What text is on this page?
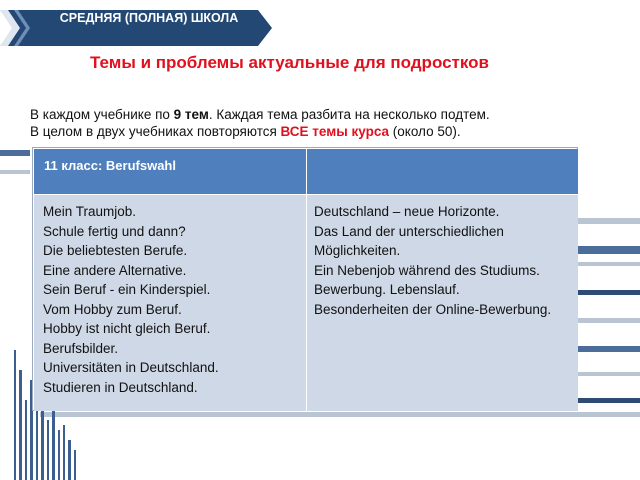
СРЕДНЯЯ (ПОЛНАЯ) ШКОЛА
Темы и проблемы актуальные для подростков
В каждом учебнике по 9 тем. Каждая тема разбита на несколько подтем.
В целом в двух учебниках повторяются ВСЕ темы курса (около 50).
11 класс: Berufswahl
Mein Traumjob.
Schule fertig und dann?
Die beliebtesten Berufe.
Eine andere Alternative.
Sein Beruf - ein Kinderspiel.
Vom Hobby zum Beruf.
Hobby ist nicht gleich Beruf.
Berufsbilder.
Universitäten in Deutschland.
Studieren in Deutschland.
Deutschland – neue Horizonte.
Das Land der unterschiedlichen Möglichkeiten.
Ein Nebenjob während des Studiums.
Bewerbung. Lebenslauf.
Besonderheiten der Online-Bewerbung.
